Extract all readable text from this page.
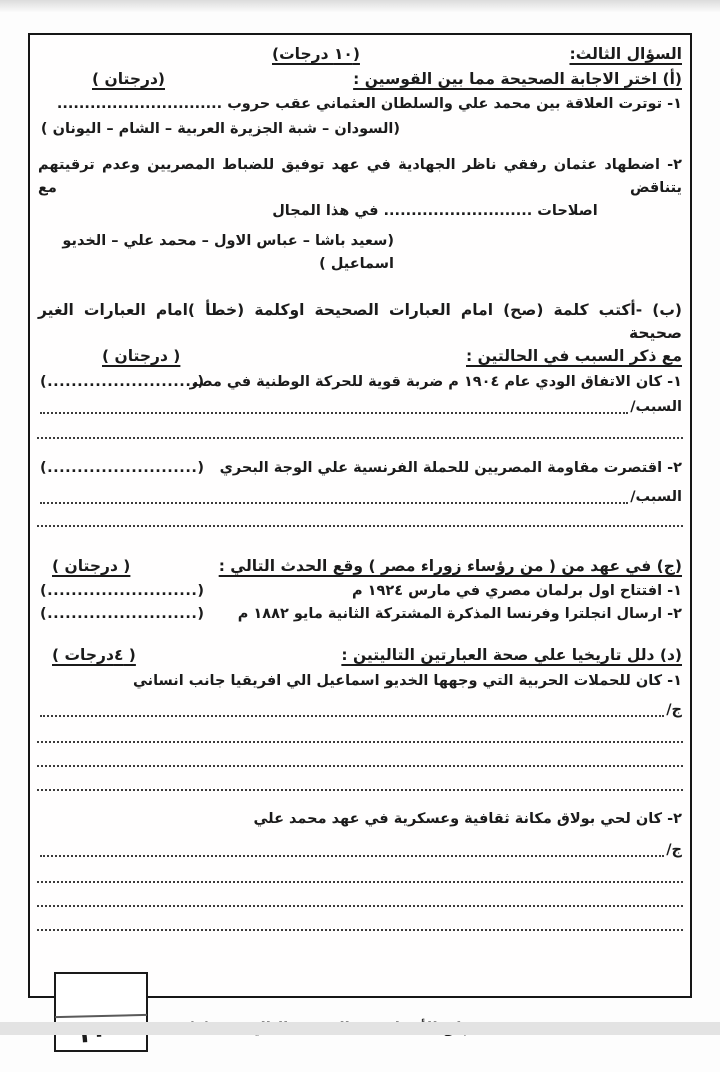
السؤال الثالث:
(١٠ درجات)
(أ) اختر الاجابة الصحيحة مما بين القوسين :
(درجتان )
١- توترت العلاقة بين محمد علي والسلطان العثماني عقب حروب ..............................
(السودان – شبة الجزيرة العربية – الشام – اليونان )
٢- اضطهاد عثمان رفقي ناظر الجهادية في عهد توفيق للضباط المصريين وعدم ترقيتهم يتناقض مع
اصلاحات ........................... في هذا المجال
(سعيد باشا – عباس الاول – محمد علي – الخديو اسماعيل )
(ب) -أكتب كلمة (صح) امام العبارات الصحيحة اوكلمة (خطأ )امام العبارات الغير صحيحة
مع ذكر السبب في الحالتين :
( درجتان )
١- كان الاتفاق الودي عام ١٩٠٤ م ضربة قوية للحركة الوطنية في مصر
(.........................)
السبب/
٢- اقتصرت مقاومة المصريين للحملة الفرنسية علي الوجة البحري
(.........................)
السبب/
(ج) في عهد من ( من رؤساء زوراء مصر ) وقع الحدث التالي :
( درجتان )
١- افتتاح اول برلمان مصري في مارس ١٩٢٤ م
(.........................)
٢- ارسال انجلترا وفرنسا المذكرة المشتركة الثانية مايو ١٨٨٢ م
(.........................)
(د) دلل تاريخيا علي صحة العبارتين التاليتين :
( ٤درجات )
١- كان للحملات الحربية التي وجهها الخديو اسماعيل الي افريقيا جانب انساني
ج/
٢- كان لحي بولاق مكانة ثقافية وعسكرية في عهد محمد علي
ج/
